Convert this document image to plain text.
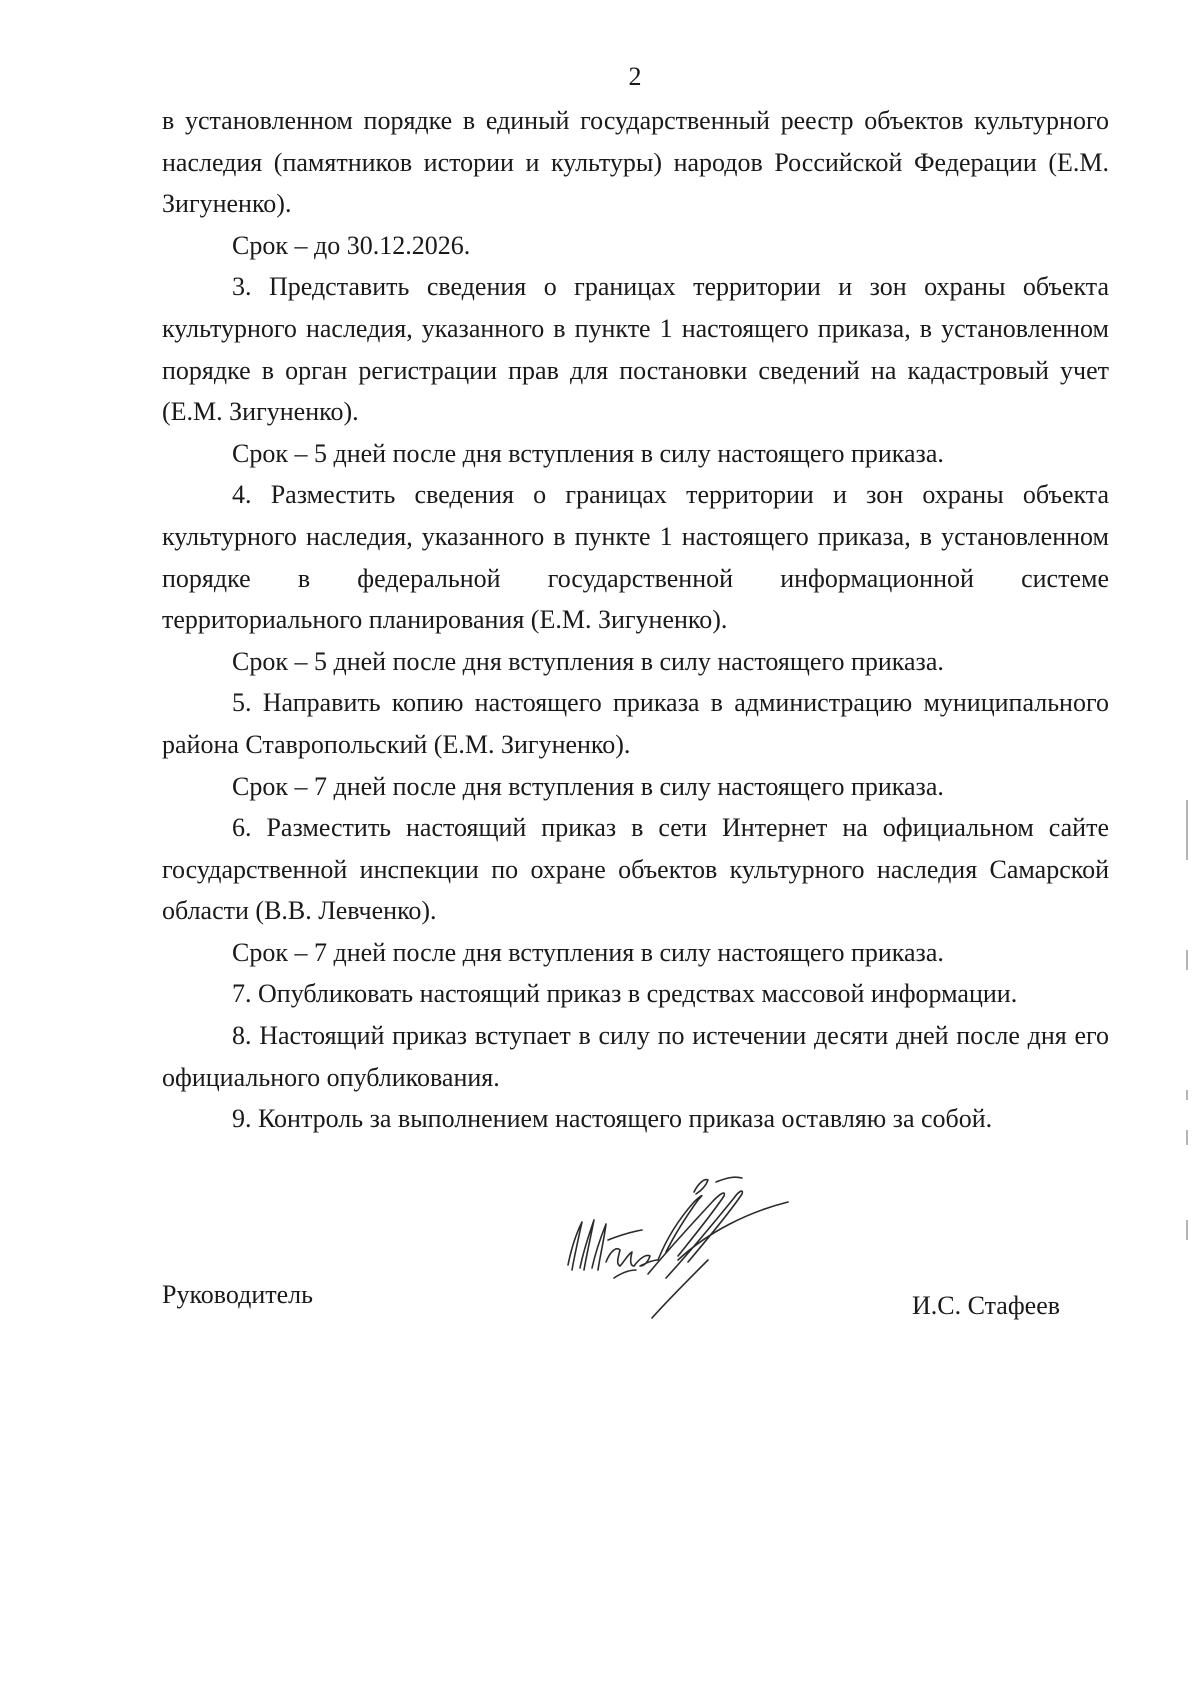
2

в установленном порядке в единый государственный реестр объектов культурного наследия (памятников истории и культуры) народов Российской Федерации (Е.М. Зигуненко).

Срок – до 30.12.2026.

3. Представить сведения о границах территории и зон охраны объекта культурного наследия, указанного в пункте 1 настоящего приказа, в установленном порядке в орган регистрации прав для постановки сведений на кадастровый учет (Е.М. Зигуненко).

Срок – 5 дней после дня вступления в силу настоящего приказа.

4. Разместить сведения о границах территории и зон охраны объекта культурного наследия, указанного в пункте 1 настоящего приказа, в установленном порядке в федеральной государственной информационной системе территориального планирования (Е.М. Зигуненко).

Срок – 5 дней после дня вступления в силу настоящего приказа.

5. Направить копию настоящего приказа в администрацию муниципального района Ставропольский (Е.М. Зигуненко).

Срок – 7 дней после дня вступления в силу настоящего приказа.

6. Разместить настоящий приказ в сети Интернет на официальном сайте государственной инспекции по охране объектов культурного наследия Самарской области (В.В. Левченко).

Срок – 7 дней после дня вступления в силу настоящего приказа.

7. Опубликовать настоящий приказ в средствах массовой информации.

8. Настоящий приказ вступает в силу по истечении десяти дней после дня его официального опубликования.

9. Контроль за выполнением настоящего приказа оставляю за собой.

Руководитель	И.С. Стафеев
